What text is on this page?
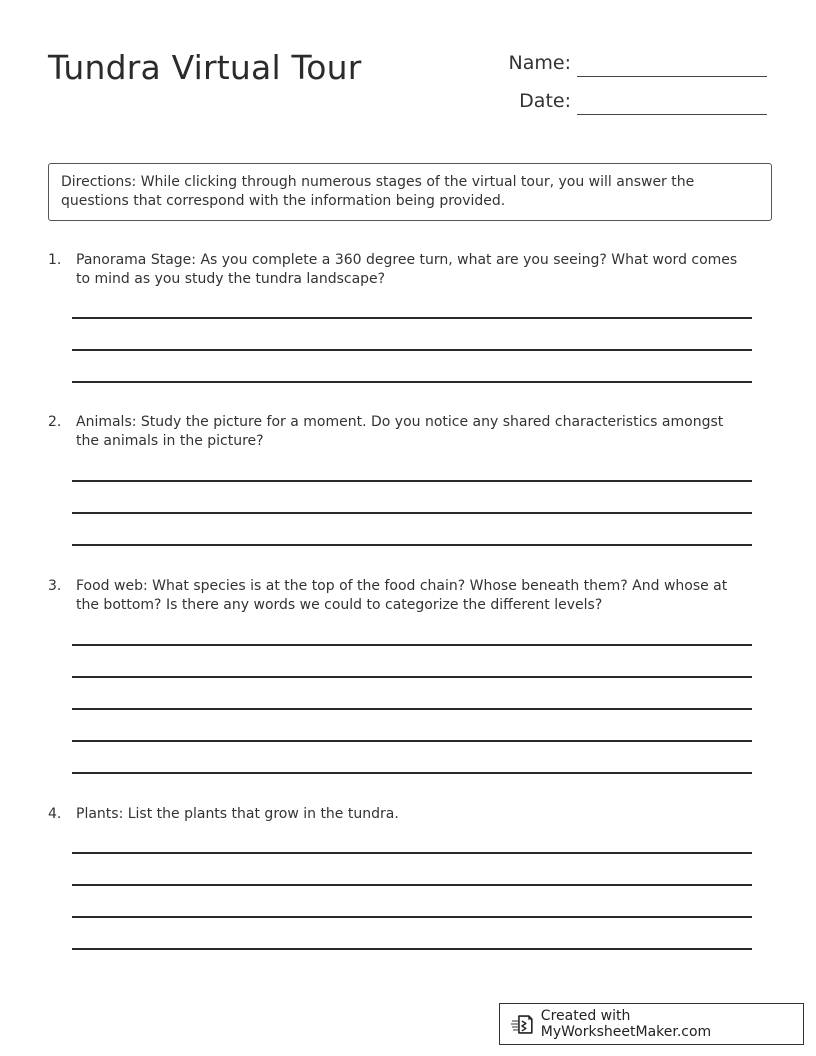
Tundra Virtual Tour	Name:
Date:
Directions: While clicking through numerous stages of the virtual tour, you will answer the questions that correspond with the information being provided.
1. Panorama Stage: As you complete a 360 degree turn, what are you seeing? What word comes to mind as you study the tundra landscape?
2. Animals: Study the picture for a moment. Do you notice any shared characteristics amongst the animals in the picture?
3. Food web: What species is at the top of the food chain? Whose beneath them? And whose at the bottom? Is there any words we could to categorize the different levels?
4. Plants: List the plants that grow in the tundra.
Created with MyWorksheetMaker.com
